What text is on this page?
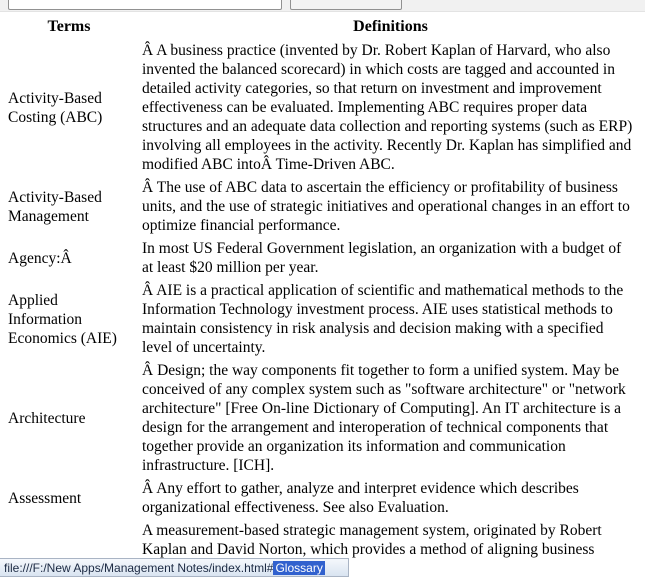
Terms	Definitions
Activity-Based Costing (ABC)	Â A business practice (invented by Dr. Robert Kaplan of Harvard, who also invented the balanced scorecard) in which costs are tagged and accounted in detailed activity categories, so that return on investment and improvement effectiveness can be evaluated. Implementing ABC requires proper data structures and an adequate data collection and reporting systems (such as ERP) involving all employees in the activity. Recently Dr. Kaplan has simplified and modified ABC intoÂ Time-Driven ABC.
Activity-Based Management	Â The use of ABC data to ascertain the efficiency or profitability of business units, and the use of strategic initiatives and operational changes in an effort to optimize financial performance.
Agency:Â	In most US Federal Government legislation, an organization with a budget of at least $20 million per year.
Applied Information Economics (AIE)	Â AIE is a practical application of scientific and mathematical methods to the Information Technology investment process. AIE uses statistical methods to maintain consistency in risk analysis and decision making with a specified level of uncertainty.
Architecture	Â Design; the way components fit together to form a unified system. May be conceived of any complex system such as "software architecture" or "network architecture" [Free On-line Dictionary of Computing]. An IT architecture is a design for the arrangement and interoperation of technical components that together provide an organization its information and communication infrastructure. [ICH].
Assessment	Â Any effort to gather, analyze and interpret evidence which describes organizational effectiveness. See also Evaluation.
	A measurement-based strategic management system, originated by Robert Kaplan and David Norton, which provides a method of aligning business
file:///F:/New Apps/Management Notes/index.html# Glossary
